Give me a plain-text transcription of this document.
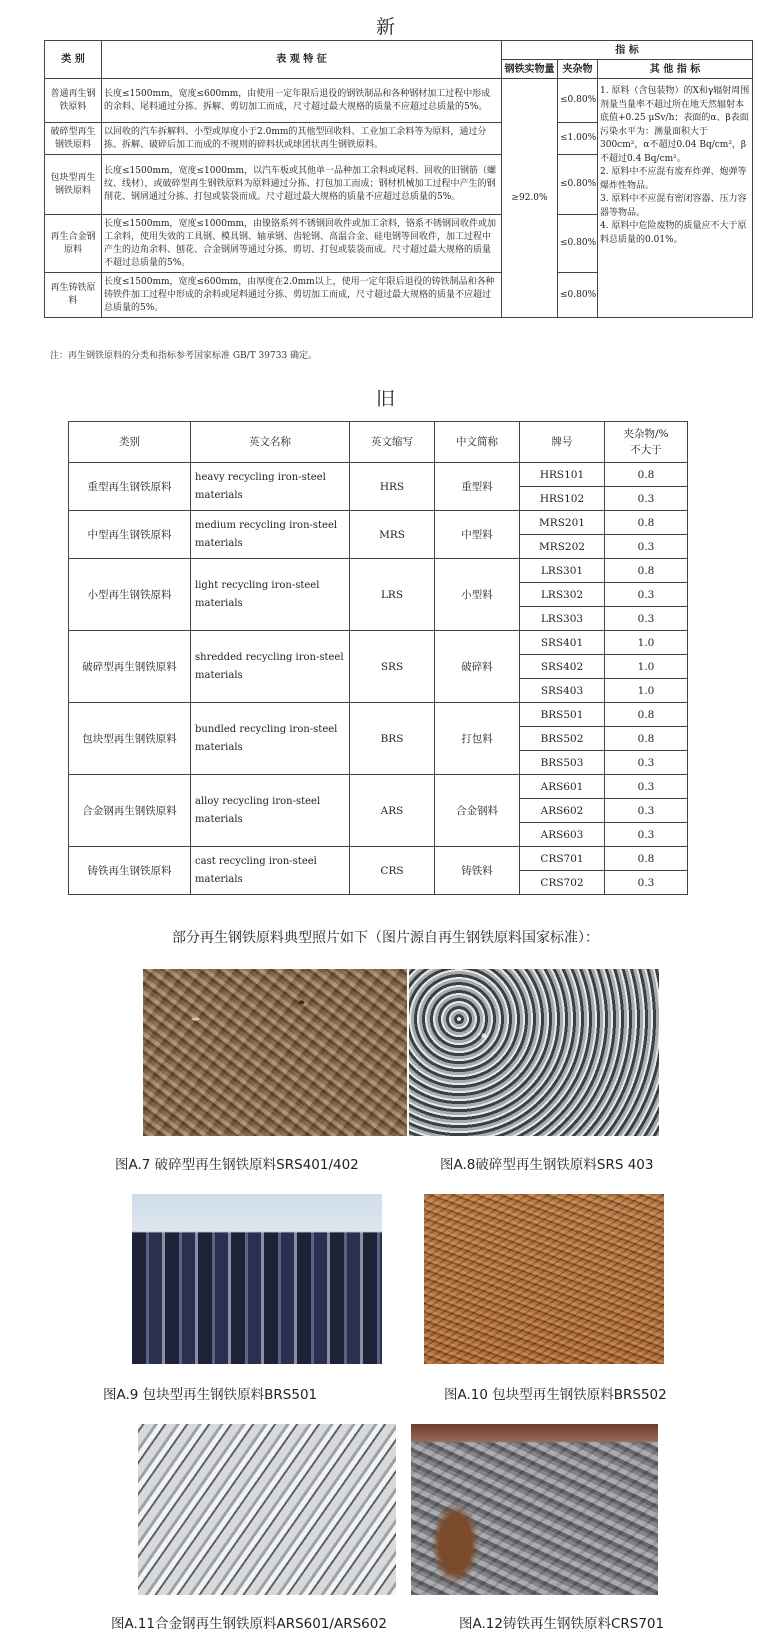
新
类 别	表 观 特 征	指 标		
		钢铁实物量	夹杂物	其 他 指 标
普通再生钢铁原料	长度≤1500mm，宽度≤600mm，由使用一定年限后退役的钢铁制品和各种钢材加工过程中形成的余料、尾料通过分拣、拆解、剪切加工而成，尺寸超过最大规格的质量不应超过总质量的5%。	≥92.0%	≤0.80%	1. 原料（含包装物）的X和γ辐射周围剂量当量率不超过所在地天然辐射本底值+0.25 μSv/h；表面的α、β表面污染水平为：测量面积大于300cm²，α不超过0.04 Bq/cm²，β不超过0.4 Bq/cm²。
2. 原料中不应混有废弃炸弹、炮弹等爆炸性物品。
3. 原料中不应混有密闭容器、压力容器等物品。
4. 原料中危险废物的质量应不大于原料总质量的0.01%。
破碎型再生钢铁原料	以回收的汽车拆解料、小型或厚度小于2.0mm的其他型回收料、工业加工余料等为原料，通过分拣、拆解、破碎后加工而成的不规则的碎料状或球团状再生钢铁原料。		≤1.00%	
包块型再生钢铁原料	长度≤1500mm，宽度≤1000mm，以汽车板或其他单一品种加工余料或尾料、回收的旧钢筋（螺纹、线材），或破碎型再生钢铁原料为原料通过分拣、打包加工而成；钢材机械加工过程中产生的钢削花、钢屑通过分拣、打包或装袋而成。尺寸超过最大规格的质量不应超过总质量的5%。		≤0.80%	
再生合金钢原料	长度≤1500mm，宽度≤1000mm，由镍铬系列不锈钢回收件或加工余料，铬系不锈钢回收件或加工余料，使用失效的工具钢、模具钢、轴承钢、齿轮钢、高温合金、硅电钢等回收件，加工过程中产生的边角余料、刨花、合金钢屑等通过分拣、剪切、打包或装袋而成。尺寸超过最大规格的质量不超过总质量的5%。		≤0.80%	
再生铸铁原料	长度≤1500mm，宽度≤600mm，由厚度在2.0mm以上，使用一定年限后退役的铸铁制品和各种铸铁件加工过程中形成的余料或尾料通过分拣、剪切加工而成，尺寸超过最大规格的质量不应超过总质量的5%。		≤0.80%	
注：再生钢铁原料的分类和指标参考国家标准 GB/T 39733 确定。
旧
类别	英文名称	英文缩写	中文简称	牌号	夹杂物/%
不大于

重型再生钢铁原料	heavy recycling iron-steel materials	HRS	重型料	HRS101	0.8
				HRS102	0.3
中型再生钢铁原料	medium recycling iron-steel materials	MRS	中型料	MRS201	0.8
				MRS202	0.3
小型再生钢铁原料	light recycling iron-steel materials	LRS	小型料	LRS301	0.8
				LRS302	0.3
				LRS303	0.3
破碎型再生钢铁原料	shredded recycling iron-steel materials	SRS	破碎料	SRS401	1.0
				SRS402	1.0
				SRS403	1.0
包块型再生钢铁原料	bundled recycling iron-steel materials	BRS	打包料	BRS501	0.8
				BRS502	0.8
				BRS503	0.3
合金钢再生钢铁原料	alloy recycling iron-steel materials	ARS	合金钢料	ARS601	0.3
				ARS602	0.3
				ARS603	0.3
铸铁再生钢铁原料	cast recycling iron-steel materials	CRS	铸铁料	CRS701	0.8
				CRS702	0.3
部分再生钢铁原料典型照片如下（图片源自再生钢铁原料国家标准）：
图A.7 破碎型再生钢铁原料SRS401/402	图A.8破碎型再生钢铁原料SRS 403
图A.9 包块型再生钢铁原料BRS501	图A.10 包块型再生钢铁原料BRS502
图A.11合金钢再生钢铁原料ARS601/ARS602	图A.12铸铁再生钢铁原料CRS701
